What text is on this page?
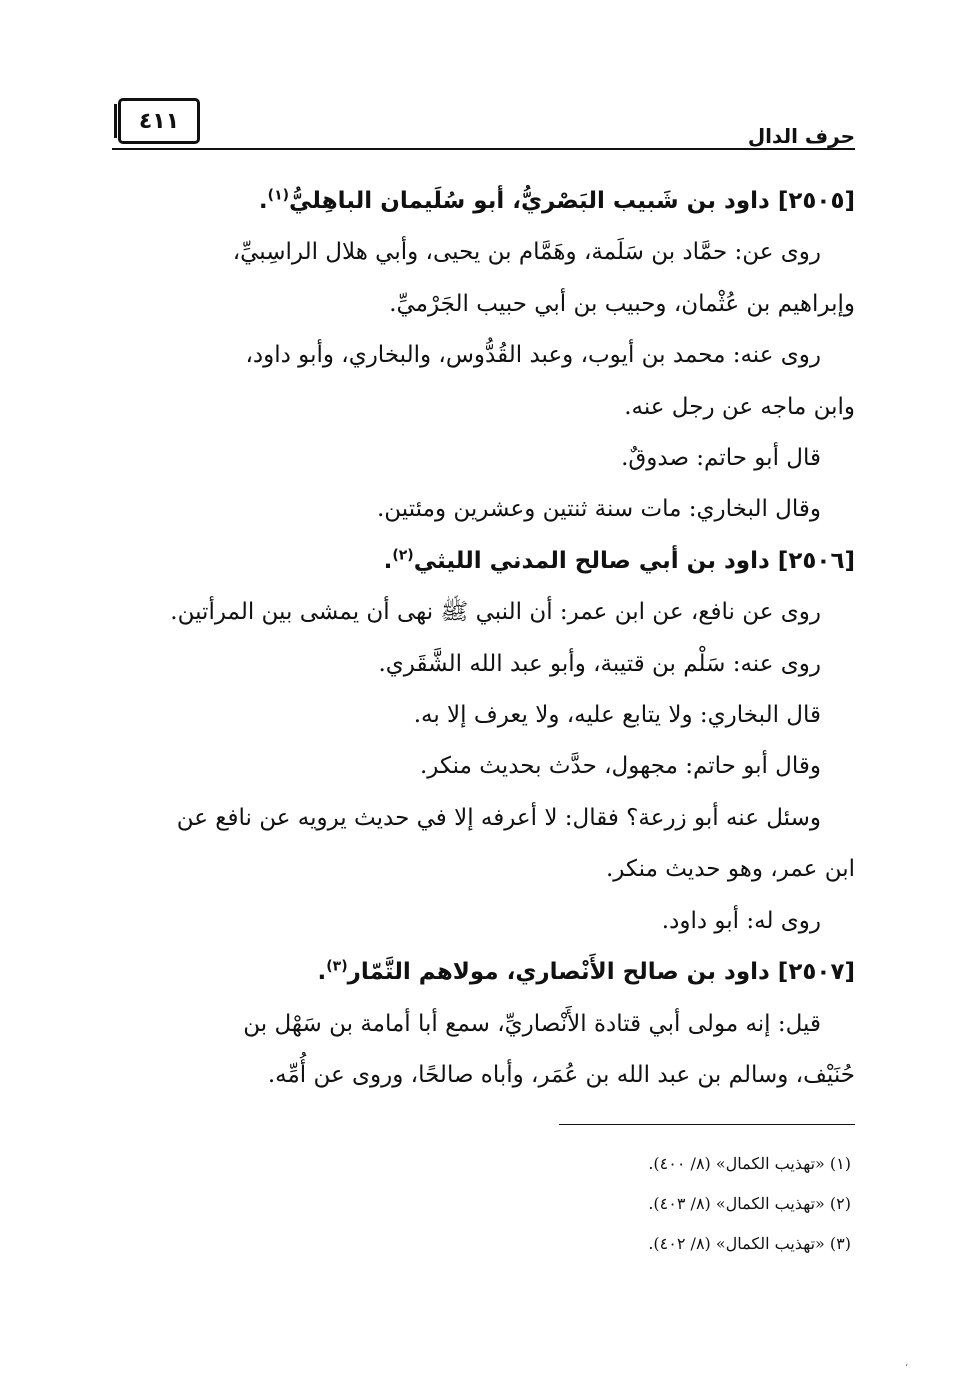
حرف الدال
٤١١
[٢٥٠٥] داود بن شَبيب البَصْريُّ، أبو سُلَيمان الباهِليُّ$^{(١)}$.
روى عن: حمَّاد بن سَلَمة، وهَمَّام بن يحيى، وأبي هلال الراسِبيِّ،
وإبراهيم بن عُثْمان، وحبيب بن أبي حبيب الجَرْميِّ.
روى عنه: محمد بن أيوب، وعبد القُدُّوس، والبخاري، وأبو داود،
وابن ماجه عن رجل عنه.
قال أبو حاتم: صدوقٌ.
وقال البخاري: مات سنة ثنتين وعشرين ومئتين.
[٢٥٠٦] داود بن أبي صالح المدني الليثي$^{(٢)}$.
روى عن نافع، عن ابن عمر: أن النبي ﷺ نهى أن يمشى بين المرأتين.
روى عنه: سَلْم بن قتيبة، وأبو عبد الله الشَّقَري.
قال البخاري: ولا يتابع عليه، ولا يعرف إلا به.
وقال أبو حاتم: مجهول، حدَّث بحديث منكر.
وسئل عنه أبو زرعة؟ فقال: لا أعرفه إلا في حديث يرويه عن نافع عن
ابن عمر، وهو حديث منكر.
روى له: أبو داود.
[٢٥٠٧] داود بن صالح الأَنْصاري، مولاهم التَّمّار$^{(٣)}$.
قيل: إنه مولى أبي قتادة الأَنْصاريِّ، سمع أبا أمامة بن سَهْل بن
حُنَيْف، وسالم بن عبد الله بن عُمَر، وأباه صالحًا، وروى عن أُمِّه.
(١) «تهذيب الكمال» (٨/ ٤٠٠).
(٢) «تهذيب الكمال» (٨/ ٤٠٣).
(٣) «تهذيب الكمال» (٨/ ٤٠٢).
،
